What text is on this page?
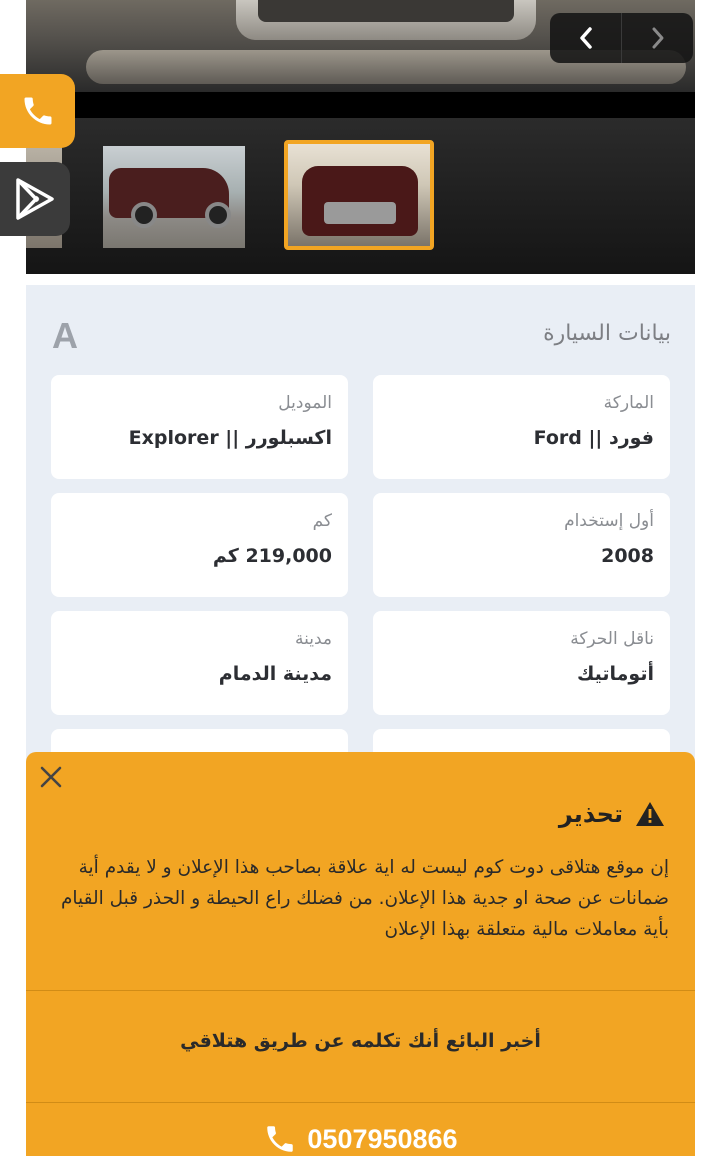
بيانات السيارة
A
الماركة
فورد || Ford
الموديل
اكسبلورر || Explorer
أول إستخدام
2008
كم
219,000 كم
ناقل الحركة
أتوماتيك
مدينة
مدينة الدمام
تحذير
إن موقع هتلاقى دوت كوم ليست له اية علاقة بصاحب هذا الإعلان و لا يقدم أية ضمانات عن صحة او جدية هذا الإعلان. من فضلك راع الحيطة و الحذر قبل القيام بأية معاملات مالية متعلقة بهذا الإعلان
أخبر البائع أنك تكلمه عن طريق هتلاقي
0507950866
